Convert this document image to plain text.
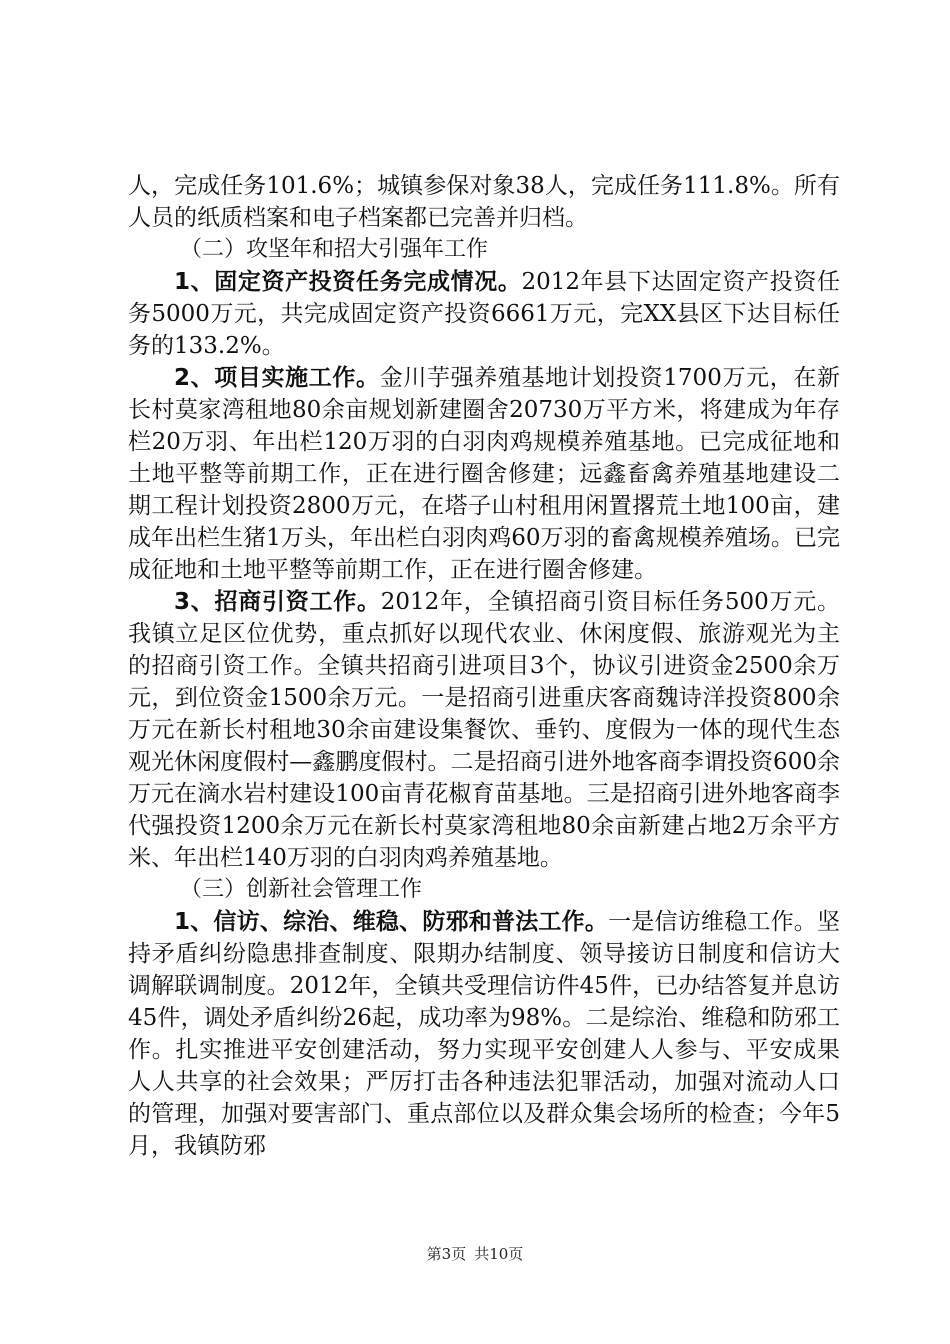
人，完成任务101.6%；城镇参保对象38人，完成任务111.8%。所有人员的纸质档案和电子档案都已完善并归档。

（二）攻坚年和招大引强年工作

1、固定资产投资任务完成情况。2012年县下达固定资产投资任务5000万元，共完成固定资产投资6661万元，完XX县区下达目标任务的133.2%。

2、项目实施工作。金川芋强养殖基地计划投资1700万元，在新长村莫家湾租地80余亩规划新建圈舍20730万平方米，将建成为年存栏20万羽、年出栏120万羽的白羽肉鸡规模养殖基地。已完成征地和土地平整等前期工作，正在进行圈舍修建；远鑫畜禽养殖基地建设二期工程计划投资2800万元，在塔子山村租用闲置撂荒土地100亩，建成年出栏生猪1万头，年出栏白羽肉鸡60万羽的畜禽规模养殖场。已完成征地和土地平整等前期工作，正在进行圈舍修建。

3、招商引资工作。2012年，全镇招商引资目标任务500万元。我镇立足区位优势，重点抓好以现代农业、休闲度假、旅游观光为主的招商引资工作。全镇共招商引进项目3个，协议引进资金2500余万元，到位资金1500余万元。一是招商引进重庆客商魏诗洋投资800余万元在新长村租地30余亩建设集餐饮、垂钓、度假为一体的现代生态观光休闲度假村—鑫鹏度假村。二是招商引进外地客商李谓投资600余万元在滴水岩村建设100亩青花椒育苗基地。三是招商引进外地客商李代强投资1200余万元在新长村莫家湾租地80余亩新建占地2万余平方米、年出栏140万羽的白羽肉鸡养殖基地。

（三）创新社会管理工作

1、信访、综治、维稳、防邪和普法工作。一是信访维稳工作。坚持矛盾纠纷隐患排查制度、限期办结制度、领导接访日制度和信访大调解联调制度。2012年，全镇共受理信访件45件，已办结答复并息访45件，调处矛盾纠纷26起，成功率为98%。二是综治、维稳和防邪工作。扎实推进平安创建活动，努力实现平安创建人人参与、平安成果人人共享的社会效果；严厉打击各种违法犯罪活动，加强对流动人口的管理，加强对要害部门、重点部位以及群众集会场所的检查；今年5月，我镇防邪

第3页 共10页
